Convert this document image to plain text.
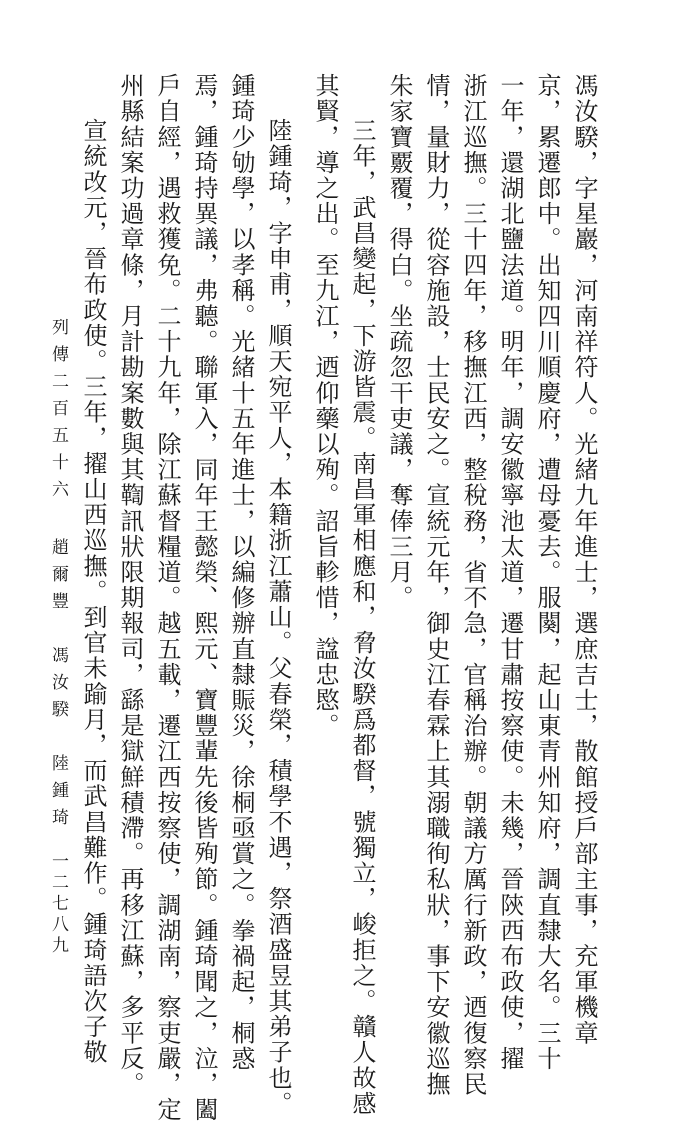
馮汝騤，字星巖，河南祥符人。光緒九年進士，選庶吉士，散館授戶部主事，充軍機章
京，累遷郎中。出知四川順慶府，遭母憂去。服闋，起山東青州知府，調直隸大名。三十
一年，還湖北鹽法道。明年，調安徽寧池太道，遷甘肅按察使。未幾，晉陝西布政使，擢
浙江巡撫。三十四年，移撫江西，整稅務，省不急，官稱治辦。朝議方厲行新政，迺復察民
情，量財力，從容施設，士民安之。宣統元年，御史江春霖上其溺職徇私狀，事下安徽巡撫
朱家寶覈覆，得白。坐疏忽干吏議，奪俸三月。
三年，武昌變起，下游皆震。南昌軍相應和，脅汝騤爲都督，號獨立，峻拒之。贛人故感
其賢，導之出。至九江，迺仰藥以殉。詔旨軫惜，諡忠愍。
陸鍾琦，字申甫，順天宛平人，本籍浙江蕭山。父春榮，積學不遇，祭酒盛昱其弟子也。
鍾琦少劬學，以孝稱。光緒十五年進士，以編修辦直隸賑災，徐桐亟賞之。拳禍起，桐惑
焉，鍾琦持異議，弗聽。聯軍入，同年王懿榮、熙元、寶豐輩先後皆殉節。鍾琦聞之，泣，闔
戶自經，遇救獲免。二十九年，除江蘇督糧道。越五載，遷江西按察使，調湖南，察吏嚴，定
州縣結案功過章條，月計勘案數與其鞫訊狀限期報司，繇是獄鮮積滯。再移江蘇，多平反。
宣統改元，晉布政使。三年，擢山西巡撫。到官未踰月，而武昌難作。鍾琦語次子敬
列傳二百五十六
趙爾豐　馮汝騤　陸鍾琦
一二七八九
